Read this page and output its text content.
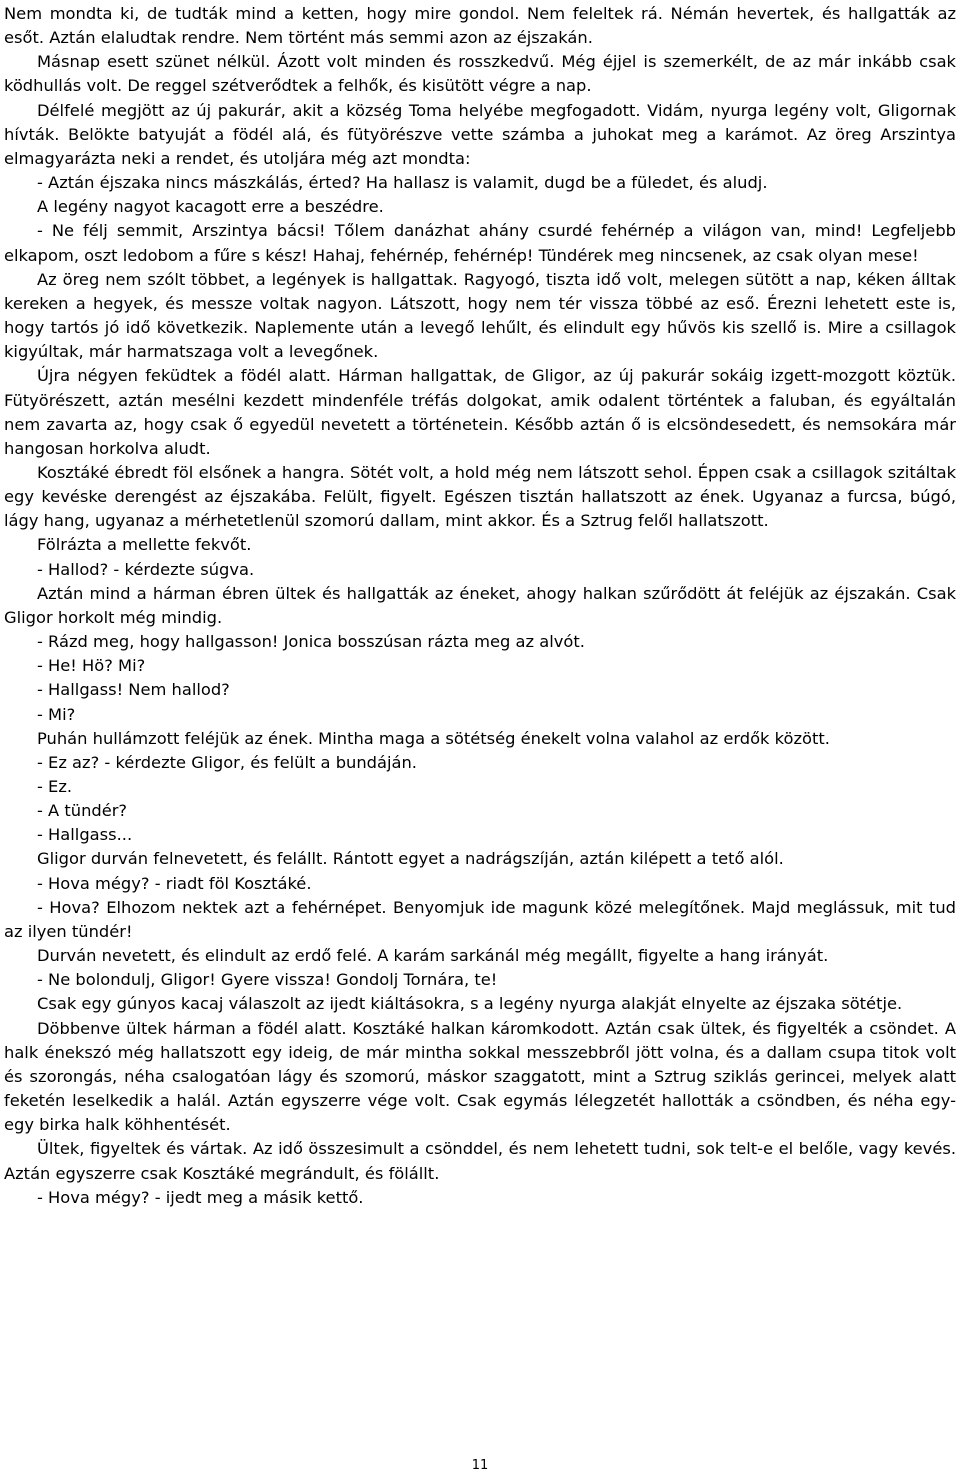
Nem mondta ki, de tudták mind a ketten, hogy mire gondol. Nem feleltek rá. Némán hevertek, és hallgatták az esőt. Aztán elaludtak rendre. Nem történt más semmi azon az éjszakán.

Másnap esett szünet nélkül. Ázott volt minden és rosszkedvű. Még éjjel is szemerkélt, de az már inkább csak ködhullás volt. De reggel szétverődtek a felhők, és kisütött végre a nap.

Délfelé megjött az új pakurár, akit a község Toma helyébe megfogadott. Vidám, nyurga legény volt, Gligornak hívták. Belökte batyuját a födél alá, és fütyörészve vette számba a juhokat meg a karámot. Az öreg Arszintya elmagyarázta neki a rendet, és utoljára még azt mondta:

- Aztán éjszaka nincs mászkálás, érted? Ha hallasz is valamit, dugd be a füledet, és aludj.

A legény nagyot kacagott erre a beszédre.

- Ne félj semmit, Arszintya bácsi! Tőlem danázhat ahány csurdé fehérnép a világon van, mind! Legfeljebb elkapom, oszt ledobom a fűre s kész! Hahaj, fehérnép, fehérnép! Tündérek meg nincsenek, az csak olyan mese!

Az öreg nem szólt többet, a legények is hallgattak. Ragyogó, tiszta idő volt, melegen sütött a nap, kéken álltak kereken a hegyek, és messze voltak nagyon. Látszott, hogy nem tér vissza többé az eső. Érezni lehetett este is, hogy tartós jó idő következik. Naplemente után a levegő lehűlt, és elindult egy hűvös kis szellő is. Mire a csillagok kigyúltak, már harmatszaga volt a levegőnek.

Újra négyen feküdtek a födél alatt. Hárman hallgattak, de Gligor, az új pakurár sokáig izgett-mozgott köztük. Fütyörészett, aztán mesélni kezdett mindenféle tréfás dolgokat, amik odalent történtek a faluban, és egyáltalán nem zavarta az, hogy csak ő egyedül nevetett a történetein. Később aztán ő is elcsöndesedett, és nemsokára már hangosan horkolva aludt.

Kosztáké ébredt föl elsőnek a hangra. Sötét volt, a hold még nem látszott sehol. Éppen csak a csillagok szitáltak egy kevéske derengést az éjszakába. Felült, figyelt. Egészen tisztán hallatszott az ének. Ugyanaz a furcsa, búgó, lágy hang, ugyanaz a mérhetetlenül szomorú dallam, mint akkor. És a Sztrug felől hallatszott.

Fölrázta a mellette fekvőt.

- Hallod? - kérdezte súgva.

Aztán mind a hárman ébren ültek és hallgatták az éneket, ahogy halkan szűrődött át feléjük az éjszakán. Csak Gligor horkolt még mindig.

- Rázd meg, hogy hallgasson! Jonica bosszúsan rázta meg az alvót.

- He! Hö? Mi?

- Hallgass! Nem hallod?

- Mi?

Puhán hullámzott feléjük az ének. Mintha maga a sötétség énekelt volna valahol az erdők között.

- Ez az? - kérdezte Gligor, és felült a bundáján.

- Ez.

- A tündér?

- Hallgass...

Gligor durván felnevetett, és felállt. Rántott egyet a nadrágszíján, aztán kilépett a tető alól.

- Hova mégy? - riadt föl Kosztáké.

- Hova? Elhozom nektek azt a fehérnépet. Benyomjuk ide magunk közé melegítőnek. Majd meglássuk, mit tud az ilyen tündér!

Durván nevetett, és elindult az erdő felé. A karám sarkánál még megállt, figyelte a hang irányát.

- Ne bolondulj, Gligor! Gyere vissza! Gondolj Tornára, te!

Csak egy gúnyos kacaj válaszolt az ijedt kiáltásokra, s a legény nyurga alakját elnyelte az éjszaka sötétje.

Döbbenve ültek hárman a födél alatt. Kosztáké halkan káromkodott. Aztán csak ültek, és figyelték a csöndet. A halk énekszó még hallatszott egy ideig, de már mintha sokkal messzebbről jött volna, és a dallam csupa titok volt és szorongás, néha csalogatóan lágy és szomorú, máskor szaggatott, mint a Sztrug sziklás gerincei, melyek alatt feketén leselkedik a halál. Aztán egyszerre vége volt. Csak egymás lélegzetét hallották a csöndben, és néha egy-egy birka halk köhhentését.

Ültek, figyeltek és vártak. Az idő összesimult a csönddel, és nem lehetett tudni, sok telt-e el belőle, vagy kevés. Aztán egyszerre csak Kosztáké megrándult, és fölállt.

- Hova mégy? - ijedt meg a másik kettő.

11
